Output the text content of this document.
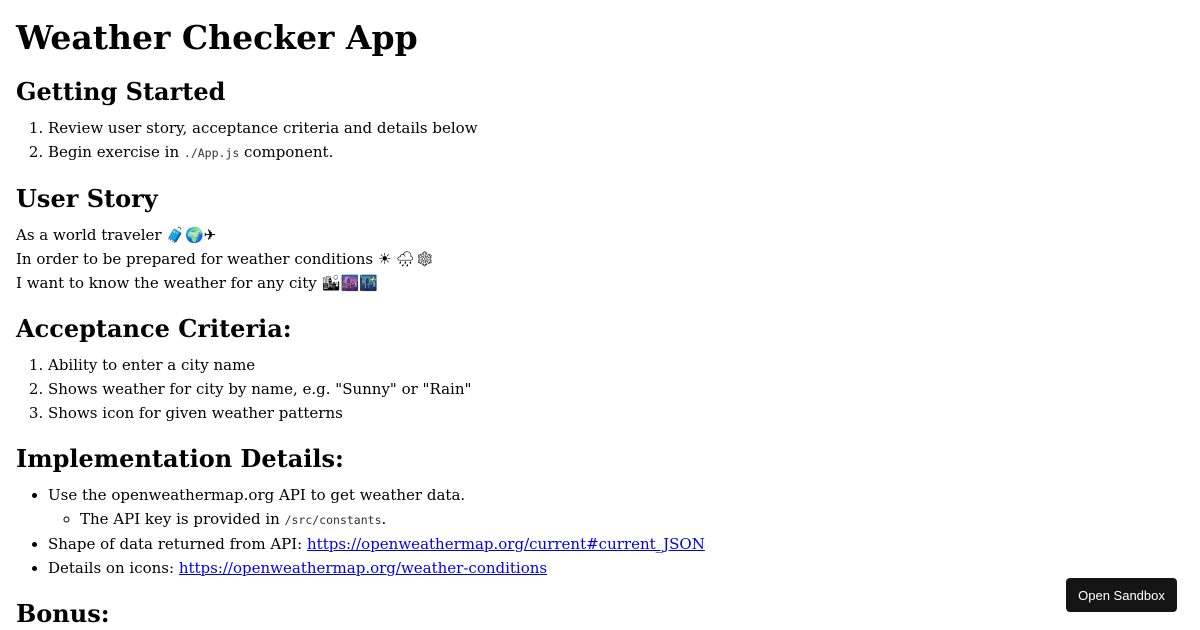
Weather Checker App
Getting Started
1. Review user story, acceptance criteria and details below
2. Begin exercise in ./App.js component.
User Story

As a world traveler 🧳🌍✈

In order to be prepared for weather conditions ☀ 🌧❄

I want to know the weather for any city 🏙🌆🌃

Acceptance Criteria:
1. Ability to enter a city name
2. Shows weather for city by name, e.g. "Sunny" or "Rain"
3. Shows icon for given weather patterns
Implementation Details:
• Use the openweathermap.org API to get weather data.
◦ The API key is provided in /src/constants.
• Shape of data returned from API: https://openweathermap.org/current#current_JSON
• Details on icons: https://openweathermap.org/weather-conditions
Bonus:
Open Sandbox
